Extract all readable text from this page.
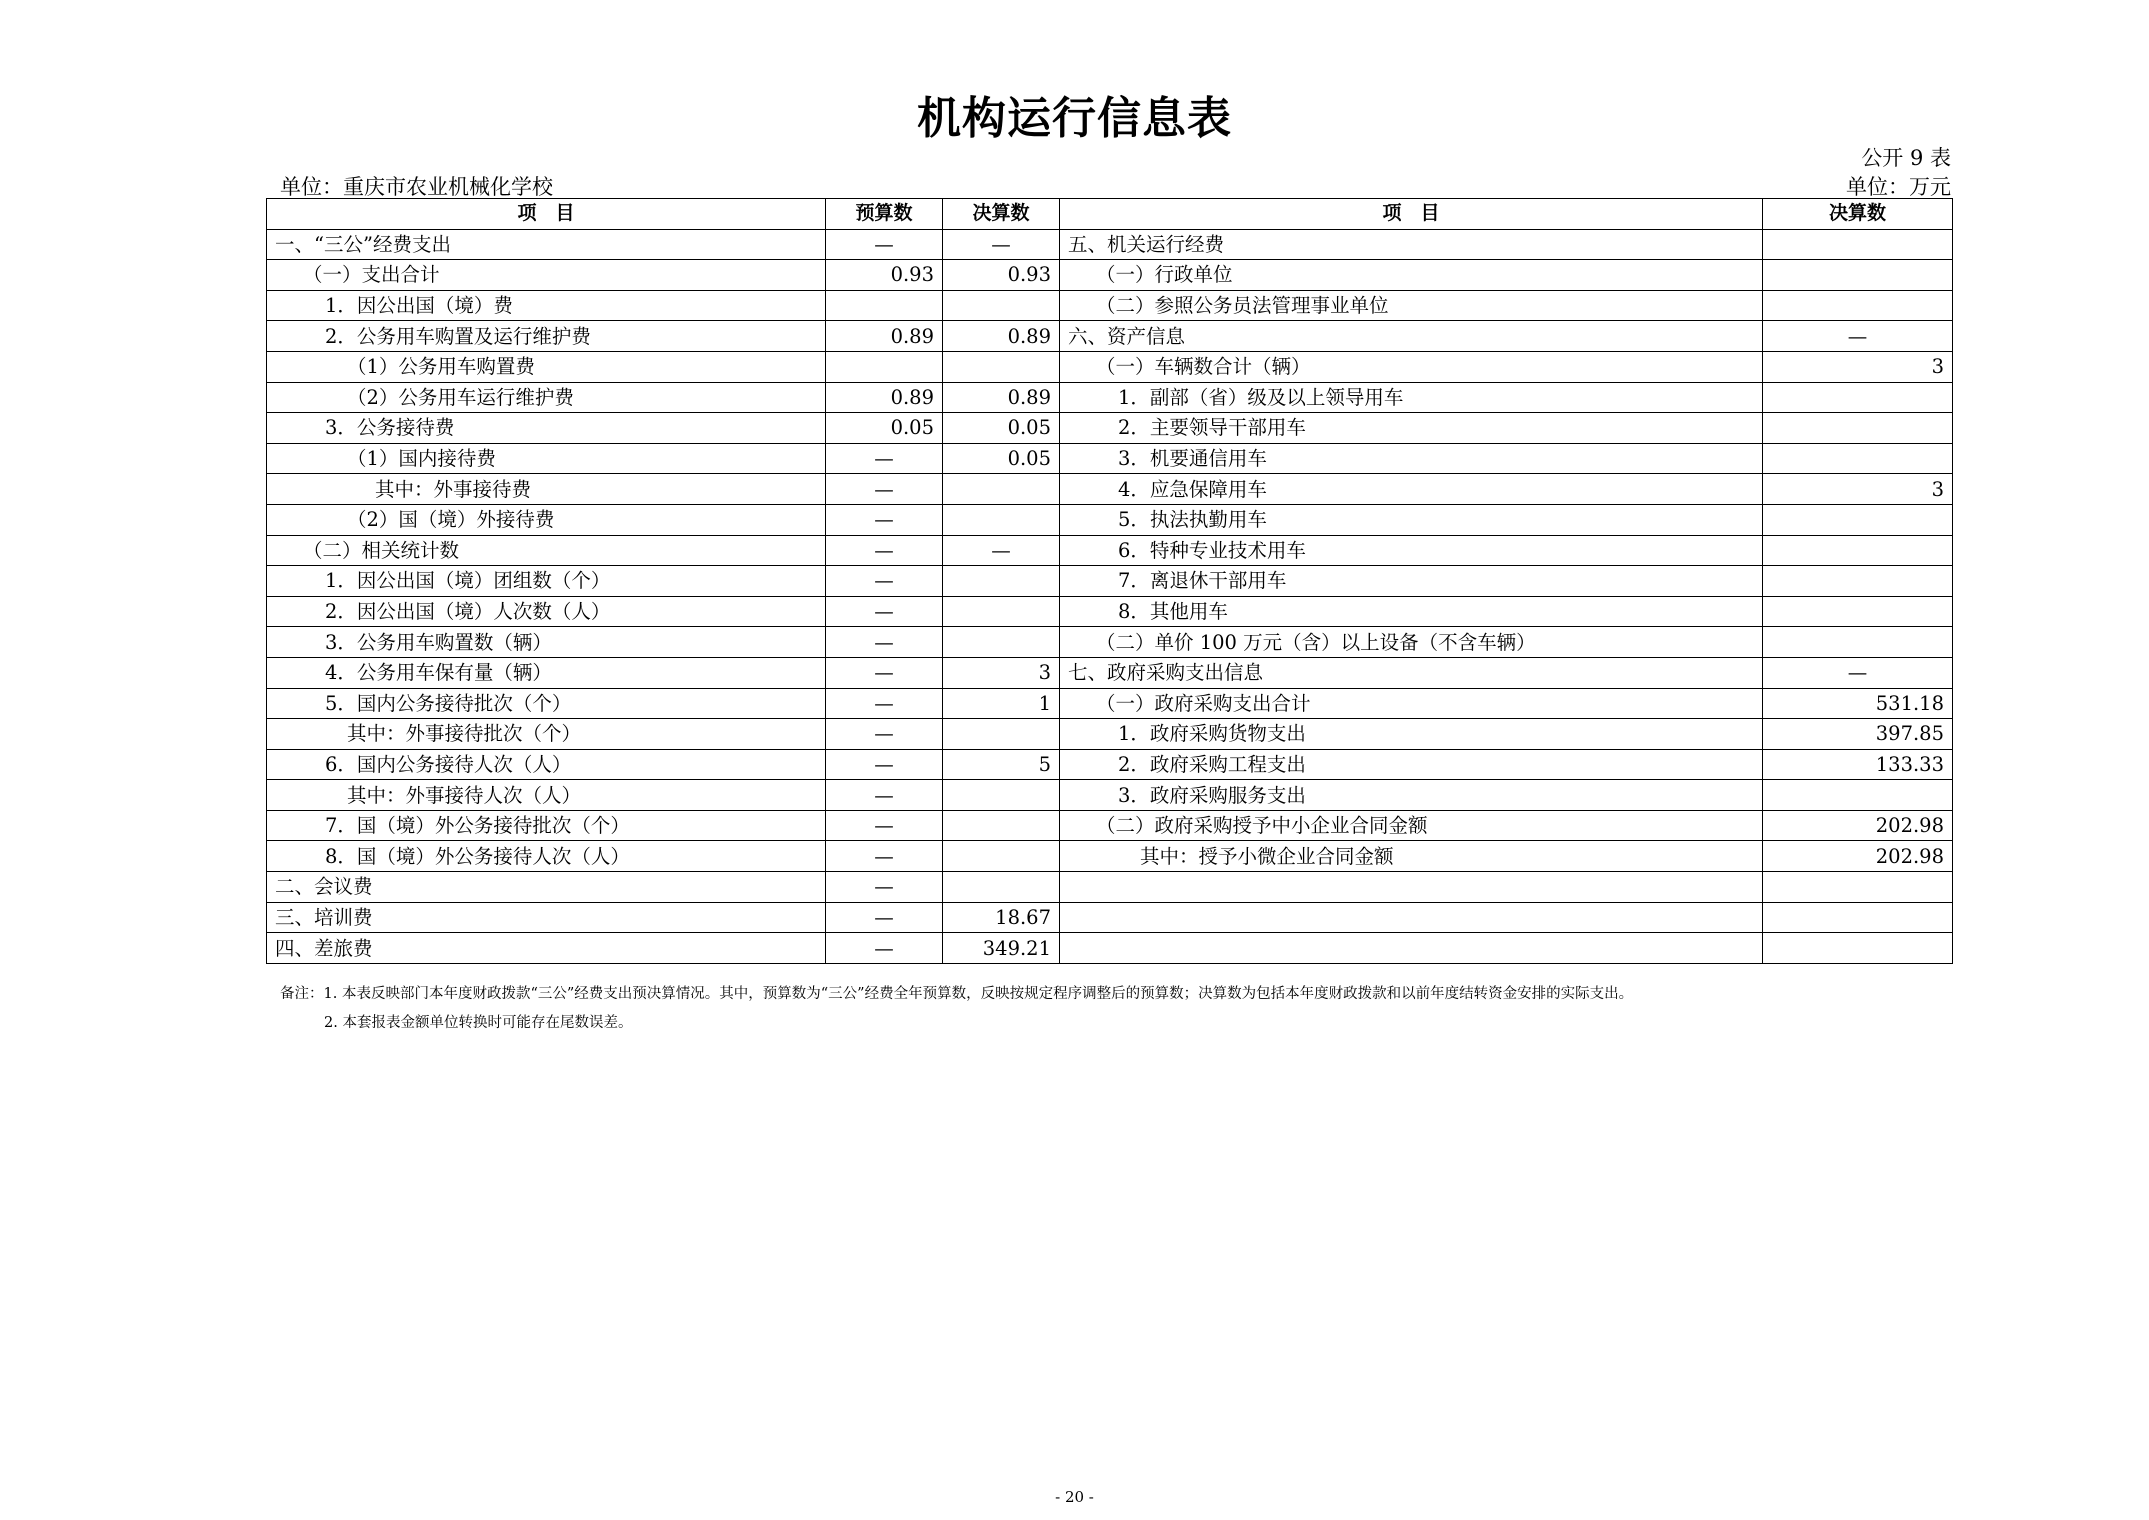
机构运行信息表
公开 9 表
单位：重庆市农业机械化学校	单位：万元
项　目	预算数	决算数	项　目	决算数
一、“三公”经费支出	—	—	五、机关运行经费	
（一）支出合计	0.93	0.93	（一）行政单位	
1．因公出国（境）费			（二）参照公务员法管理事业单位	
2．公务用车购置及运行维护费	0.89	0.89	六、资产信息	—
（1）公务用车购置费			（一）车辆数合计（辆）	3
（2）公务用车运行维护费	0.89	0.89	1．副部（省）级及以上领导用车	
3．公务接待费	0.05	0.05	2．主要领导干部用车	
（1）国内接待费	—	0.05	3．机要通信用车	
其中：外事接待费	—		4．应急保障用车	3
（2）国（境）外接待费	—		5．执法执勤用车	
（二）相关统计数	—	—	6．特种专业技术用车	
1．因公出国（境）团组数（个）	—		7．离退休干部用车	
2．因公出国（境）人次数（人）	—		8．其他用车	
3．公务用车购置数（辆）	—		（二）单价 100 万元（含）以上设备（不含车辆）	
4．公务用车保有量（辆）	—	3	七、政府采购支出信息	—
5．国内公务接待批次（个）	—	1	（一）政府采购支出合计	531.18
其中：外事接待批次（个）	—		1．政府采购货物支出	397.85
6．国内公务接待人次（人）	—	5	2．政府采购工程支出	133.33
其中：外事接待人次（人）	—		3．政府采购服务支出	
7．国（境）外公务接待批次（个）	—		（二）政府采购授予中小企业合同金额	202.98
8．国（境）外公务接待人次（人）	—		其中：授予小微企业合同金额	202.98
二、会议费	—			
三、培训费	—	18.67		
四、差旅费	—	349.21		
备注：1. 本表反映部门本年度财政拨款“三公”经费支出预决算情况。其中，预算数为“三公”经费全年预算数，反映按规定程序调整后的预算数；决算数为包括本年度财政拨款和以前年度结转资金安排的实际支出。
2. 本套报表金额单位转换时可能存在尾数误差。
- 20 -
